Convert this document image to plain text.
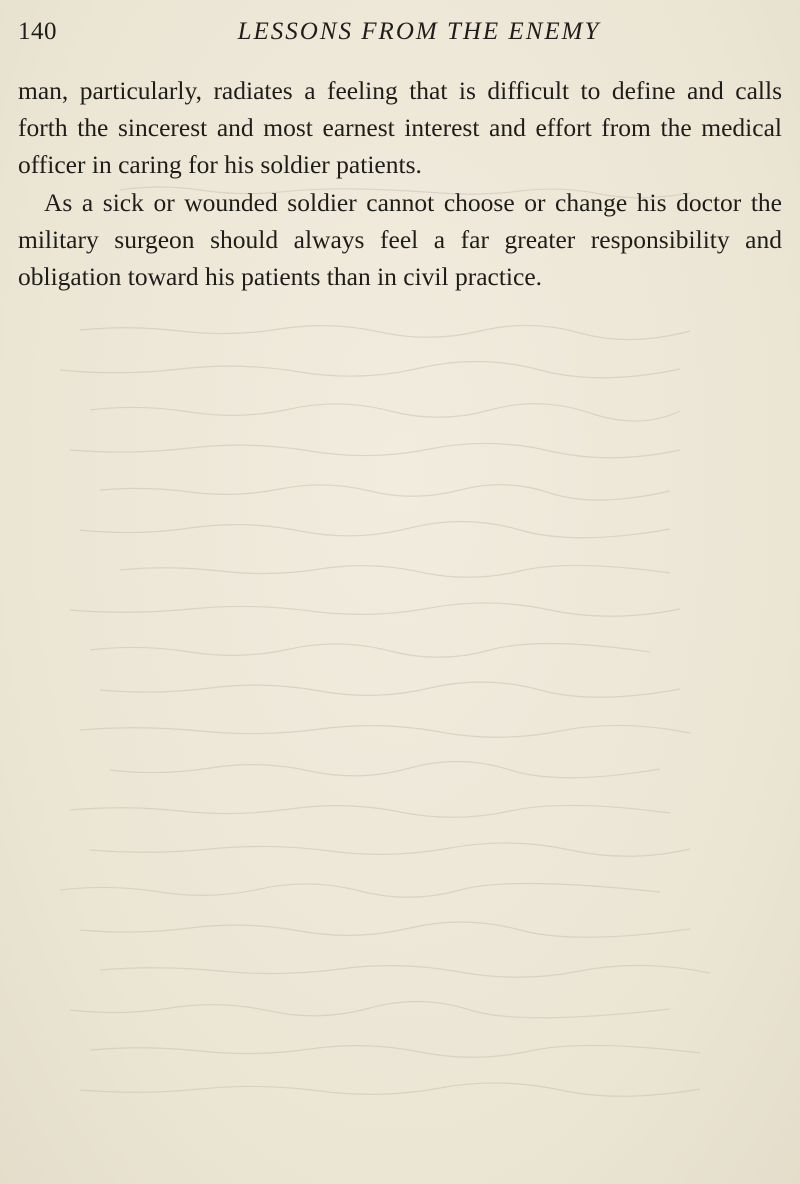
140	LESSONS FROM THE ENEMY

man, particularly, radiates a feeling that is difficult to define and calls forth the sincerest and most earnest interest and effort from the medical officer in caring for his soldier patients.

As a sick or wounded soldier cannot choose or change his doctor the military surgeon should always feel a far greater responsibility and obligation toward his patients than in civil practice.
